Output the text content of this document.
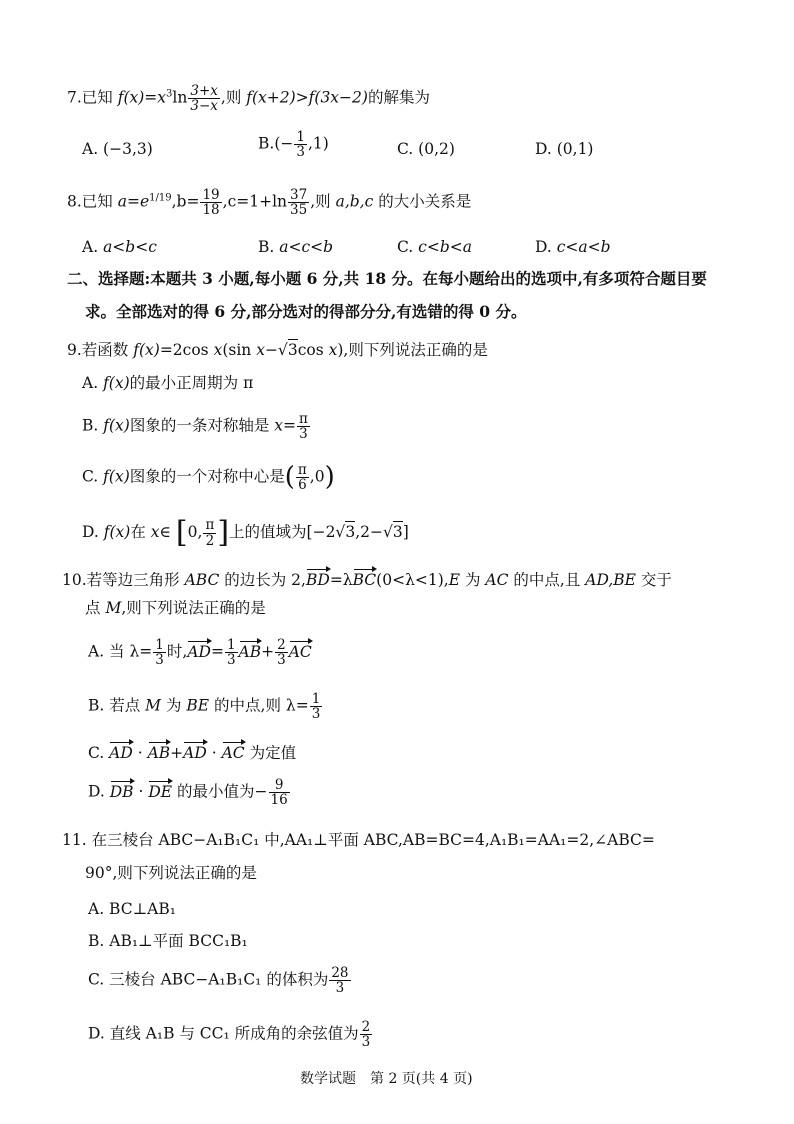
7.已知 $f(x)=x^3\ln \frac{3+x}{3-x}$ ,则 f(x+2)>f(3x−2)的解集为
A. (−3,3)	$B.(- \frac{1}{3} ,1)$	C. (0,2)	D. (0,1)
8.已知 $a=e^{1/19},b= \frac{19}{18} ,c=1+\ln \frac{37}{35}$ ,则 a,b,c 的大小关系是
A. a<b<c	B. a<c<b	C. c<b<a	D. c<a<b
二、选择题:本题共 3 小题,每小题 6 分,共 18 分。在每小题给出的选项中,有多项符合题目要
求。全部选对的得 6 分,部分选对的得部分分,有选错的得 0 分。
9.若函数 f(x)=2cos x(sin x−√3cos x),则下列说法正确的是
A. f(x)的最小正周期为 π
B. f(x)图象的一条对称轴是 $x= \frac{\pi}{3}$
C. f(x)图象的一个对称中心是( $\frac{\pi}{6} ,0$)
D. f(x)在 x∈ [0, $\frac{\pi}{2}$ ]上的值域为[−2√3,2−√3]
10.若等边三角形 ABC 的边长为 2,BD=λBC(0<λ<1),E 为 AC 的中点,且 AD,BE 交于
点 M,则下列说法正确的是
A. 当 $\lambda= \frac{1}{3}$ 时$,AD= \frac{1}{3} AB+ \frac{2}{3}$ AC
B. 若点 M 为 BE 的中点,则 $\lambda= \frac{1}{3}$
C. AD · AB+AD · AC 为定值
D. DB · DE 的最小值为− $\frac{9}{16}$
11. 在三棱台 ABC−A₁B₁C₁ 中,AA₁⊥平面 ABC,AB=BC=4,A₁B₁=AA₁=2,∠ABC=
90°,则下列说法正确的是
A. BC⊥AB₁
B. AB₁⊥平面 BCC₁B₁
C. 三棱台 ABC−A₁B₁C₁ 的体积为 $\frac{28}{3}$
D. 直线 A₁B 与 CC₁ 所成角的余弦值为 $\frac{2}{3}$
数学试题　第 2 页(共 4 页)
